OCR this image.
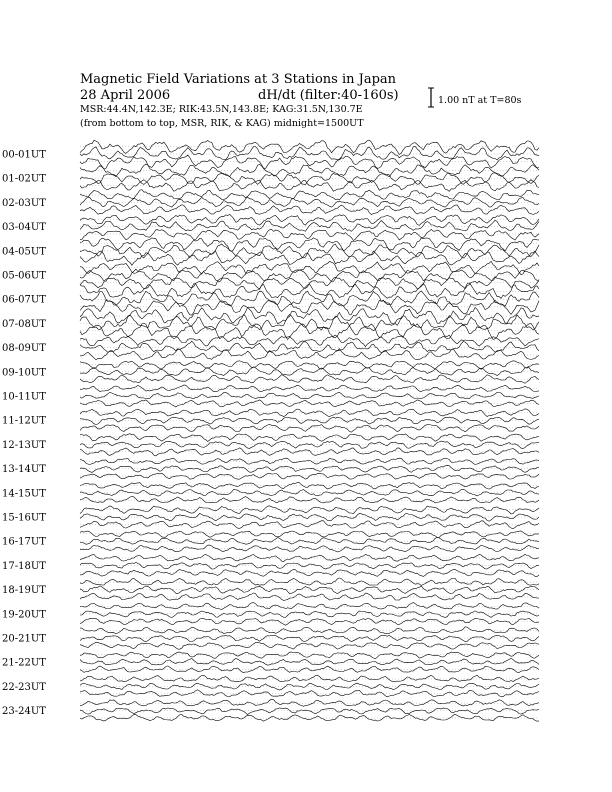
Magnetic Field Variations at 3 Stations in Japan
28 April 2006	dH/dt (filter:40-160s)
MSR:44.4N,142.3E; RIK:43.5N,143.8E; KAG:31.5N,130.7E
(from bottom to top, MSR, RIK, & KAG) midnight=1500UT
1.00 nT at T=80s
00-01UT
01-02UT
02-03UT
03-04UT
04-05UT
05-06UT
06-07UT
07-08UT
08-09UT
09-10UT
10-11UT
11-12UT
12-13UT
13-14UT
14-15UT
15-16UT
16-17UT
17-18UT
18-19UT
19-20UT
20-21UT
21-22UT
22-23UT
23-24UT
